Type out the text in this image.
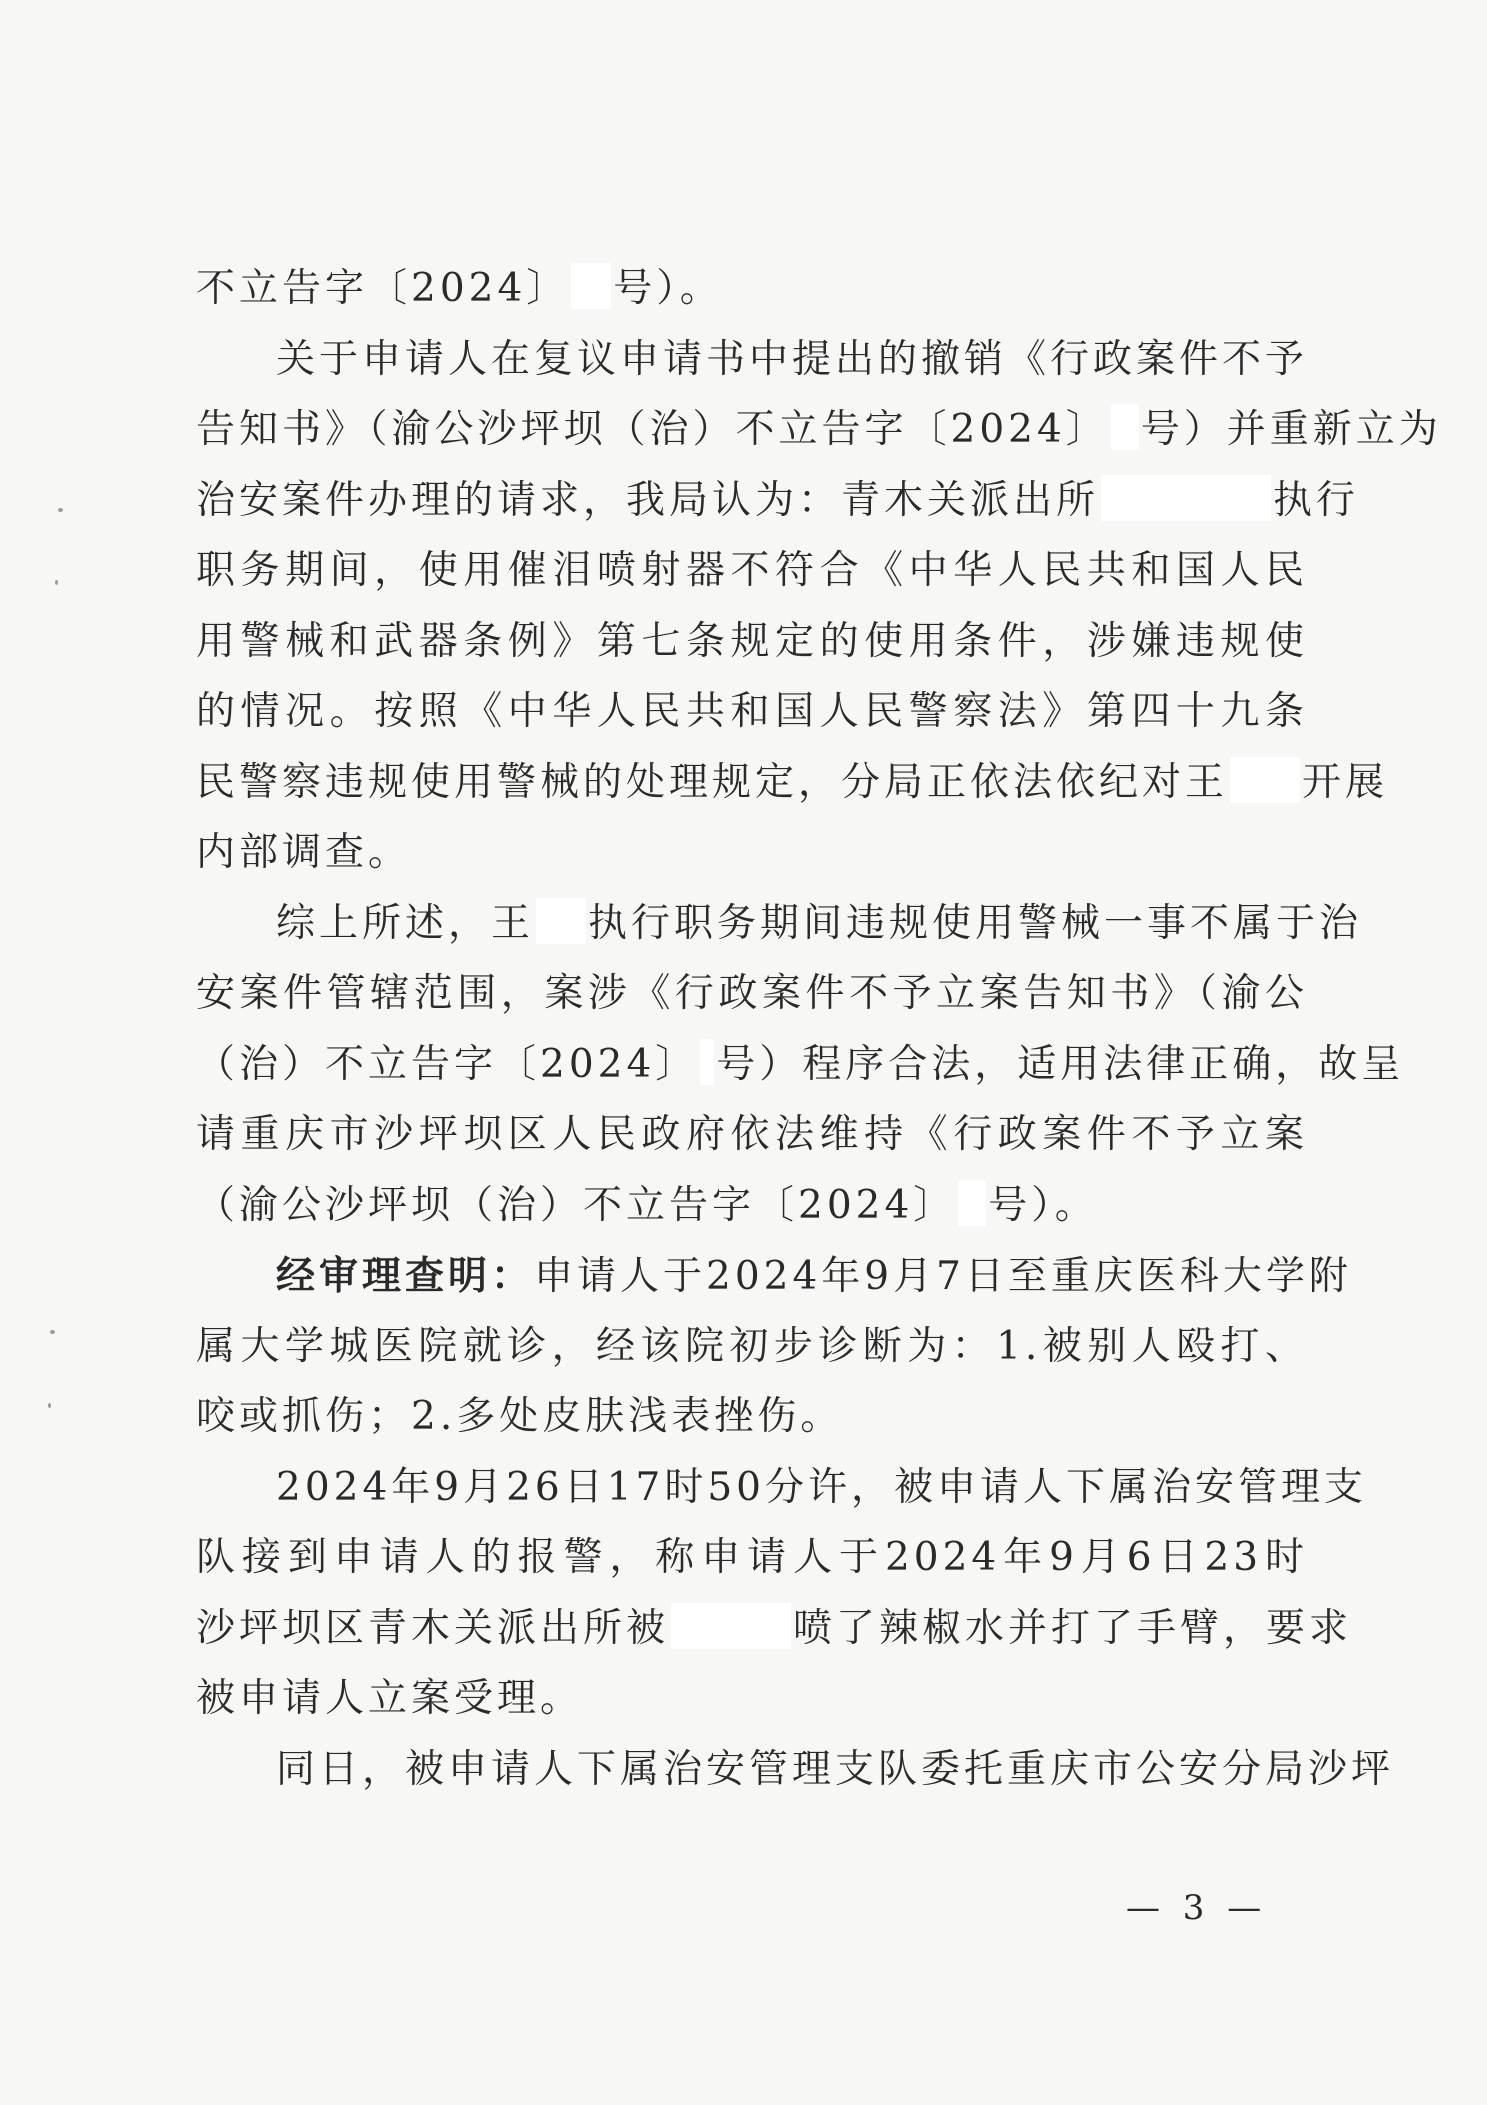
不立告字〔2024〕 号）。
关于申请人在复议申请书中提出的撤销《行政案件不予
告知书》（渝公沙坪坝（治）不立告字〔2024〕 号）并重新立为
治安案件办理的请求，我局认为：青木关派出所	执行
职务期间，使用催泪喷射器不符合《中华人民共和国人民
用警械和武器条例》第七条规定的使用条件，涉嫌违规使
的情况。按照《中华人民共和国人民警察法》第四十九条
民警察违规使用警械的处理规定，分局正依法依纪对王 开展
内部调查。
综上所述，王 执行职务期间违规使用警械一事不属于治
安案件管辖范围，案涉《行政案件不予立案告知书》（渝公
（治）不立告字〔2024〕 号）程序合法，适用法律正确，故呈
请重庆市沙坪坝区人民政府依法维持《行政案件不予立案
（渝公沙坪坝（治）不立告字〔2024〕 号）。
经审理查明：申请人于2024年9月7日至重庆医科大学附
属大学城医院就诊，经该院初步诊断为：1.被别人殴打、
咬或抓伤；2.多处皮肤浅表挫伤。
2024年9月26日17时50分许，被申请人下属治安管理支
队接到申请人的报警，称申请人于2024年9月6日23时
沙坪坝区青木关派出所被	喷了辣椒水并打了手臂，要求
被申请人立案受理。
同日，被申请人下属治安管理支队委托重庆市公安分局沙坪
— 3 —
